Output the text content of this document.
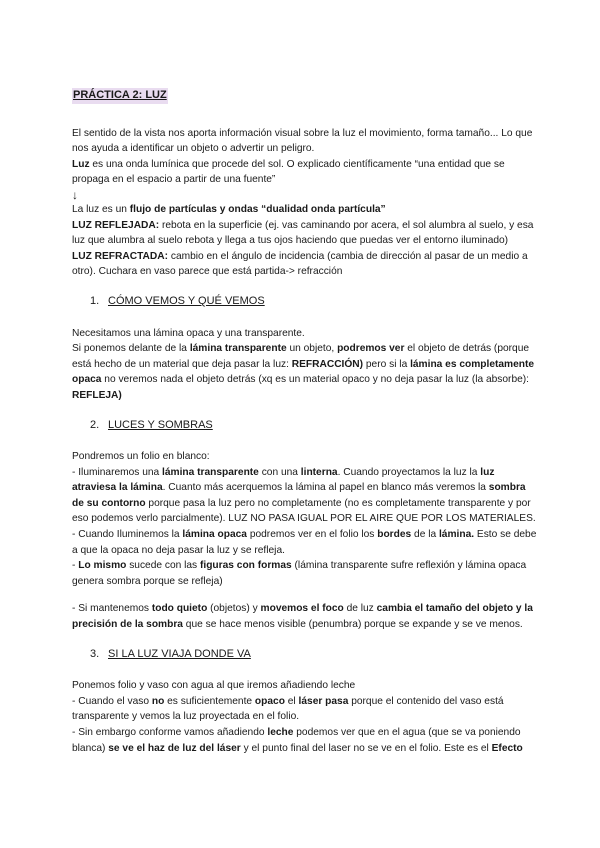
PRÁCTICA 2: LUZ

El sentido de la vista nos aporta información visual sobre la luz el movimiento, forma tamaño... Lo que nos ayuda a identificar un objeto o advertir un peligro.

Luz es una onda lumínica que procede del sol. O explicado científicamente “una entidad que se propaga en el espacio a partir de una fuente”

↓

La luz es un flujo de partículas y ondas “dualidad onda partícula”

LUZ REFLEJADA: rebota en la superficie (ej. vas caminando por acera, el sol alumbra al suelo, y esa luz que alumbra al suelo rebota y llega a tus ojos haciendo que puedas ver el entorno iluminado)

LUZ REFRACTADA: cambio en el ángulo de incidencia (cambia de dirección al pasar de un medio a otro). Cuchara en vaso parece que está partida-> refracción

1. CÓMO VEMOS Y QUÉ VEMOS

Necesitamos una lámina opaca y una transparente.

Si ponemos delante de la lámina transparente un objeto, podremos ver el objeto de detrás (porque está hecho de un material que deja pasar la luz: REFRACCIÓN) pero si la lámina es completamente opaca no veremos nada el objeto detrás (xq es un material opaco y no deja pasar la luz (la absorbe): REFLEJA)

2. LUCES Y SOMBRAS

Pondremos un folio en blanco:

- Iluminaremos una lámina transparente con una linterna. Cuando proyectamos la luz la luz atraviesa la lámina. Cuanto más acerquemos la lámina al papel en blanco más veremos la sombra de su contorno porque pasa la luz pero no completamente (no es completamente transparente y por eso podemos verlo parcialmente). LUZ NO PASA IGUAL POR EL AIRE QUE POR LOS MATERIALES.

- Cuando Iluminemos la lámina opaca podremos ver en el folio los bordes de la lámina. Esto se debe a que la opaca no deja pasar la luz y se refleja.

- Lo mismo sucede con las figuras con formas (lámina transparente sufre reflexión y lámina opaca genera sombra porque se refleja)

- Si mantenemos todo quieto (objetos) y movemos el foco de luz cambia el tamaño del objeto y la precisión de la sombra que se hace menos visible (penumbra) porque se expande y se ve menos.

3. SI LA LUZ VIAJA DONDE VA

Ponemos folio y vaso con agua al que iremos añadiendo leche

- Cuando el vaso no es suficientemente opaco el láser pasa porque el contenido del vaso está transparente y vemos la luz proyectada en el folio.

- Sin embargo conforme vamos añadiendo leche podemos ver que en el agua (que se va poniendo blanca) se ve el haz de luz del láser y el punto final del laser no se ve en el folio. Este es el Efecto
